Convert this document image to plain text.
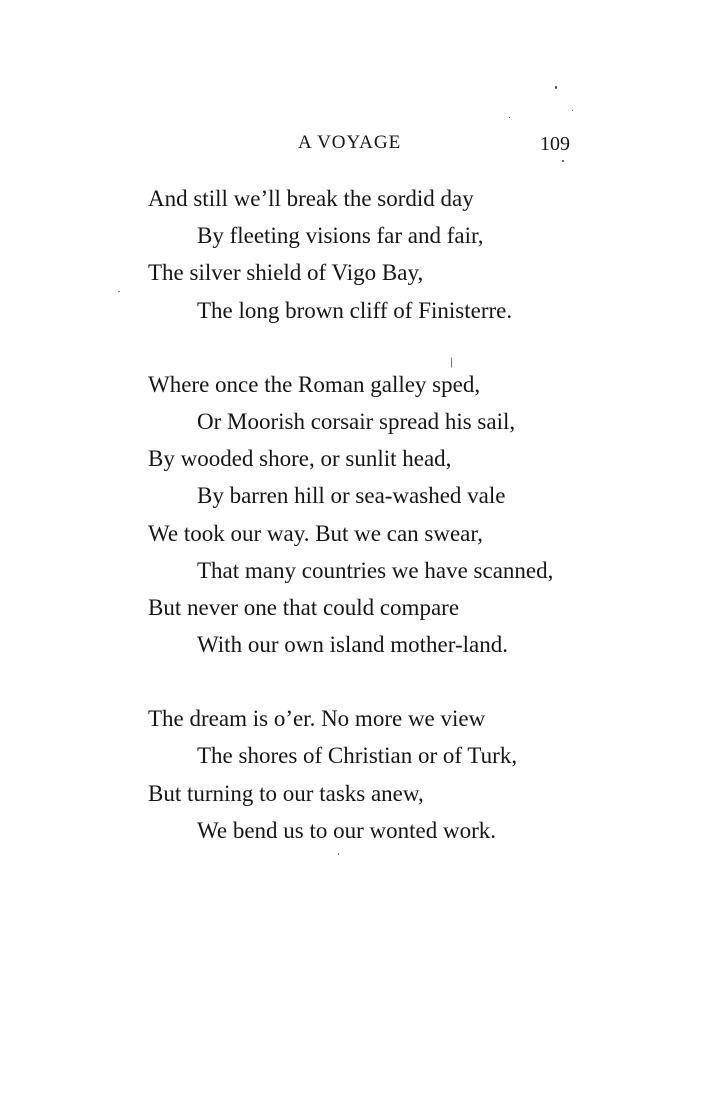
A VOYAGE	109
And still we’ll break the sordid day
By fleeting visions far and fair,
The silver shield of Vigo Bay,
The long brown cliff of Finisterre.
Where once the Roman galley sped,
Or Moorish corsair spread his sail,
By wooded shore, or sunlit head,
By barren hill or sea-washed vale
We took our way. But we can swear,
That many countries we have scanned,
But never one that could compare
With our own island mother-land.
The dream is o’er. No more we view
The shores of Christian or of Turk,
But turning to our tasks anew,
We bend us to our wonted work.
/
